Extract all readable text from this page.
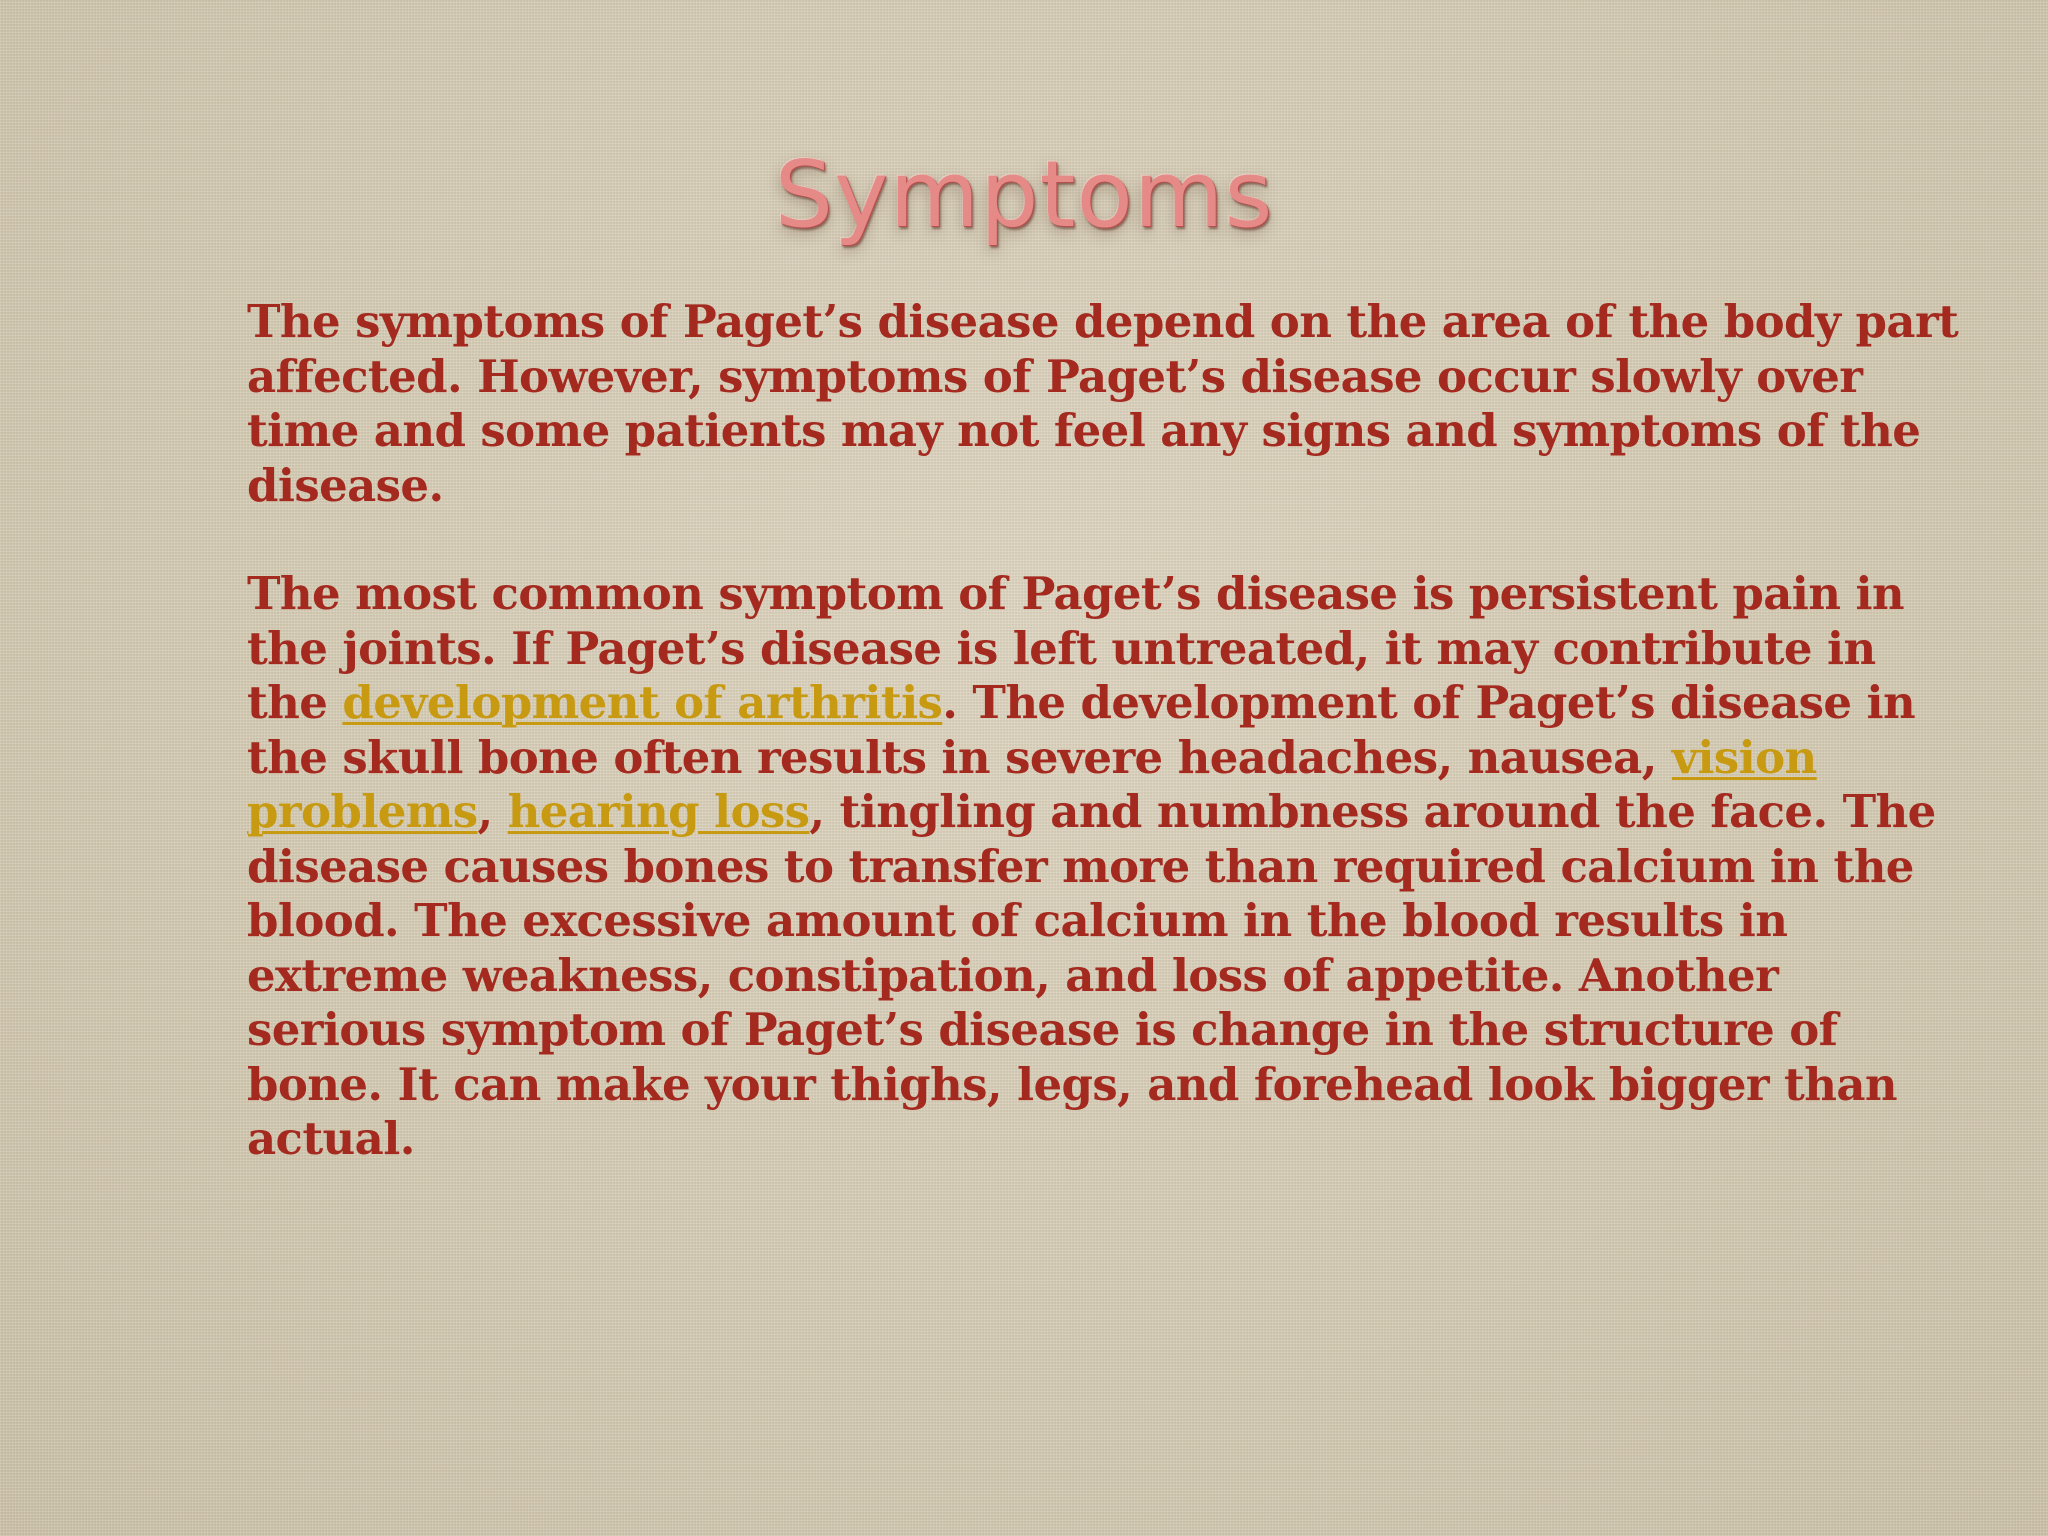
Symptoms

The symptoms of Paget’s disease depend on the area of the body part affected. However, symptoms of Paget’s disease occur slowly over time and some patients may not feel any signs and symptoms of the disease.

The most common symptom of Paget’s disease is persistent pain in the joints. If Paget’s disease is left untreated, it may contribute in the development of arthritis. The development of Paget’s disease in the skull bone often results in severe headaches, nausea, vision problems, hearing loss, tingling and numbness around the face. The disease causes bones to transfer more than required calcium in the blood. The excessive amount of calcium in the blood results in extreme weakness, constipation, and loss of appetite. Another serious symptom of Paget’s disease is change in the structure of bone. It can make your thighs, legs, and forehead look bigger than actual.
